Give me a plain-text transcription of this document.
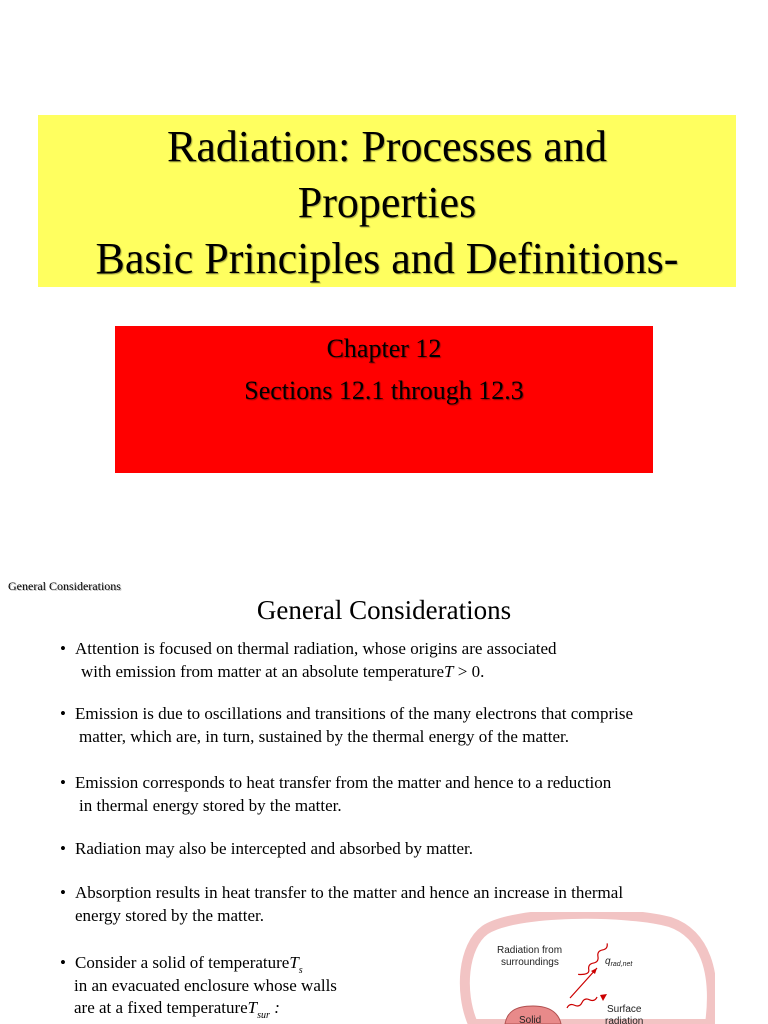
Radiation: Processes and
Properties
Basic Principles and Definitions-
Chapter 12
Sections 12.1 through 12.3
General Considerations
General Considerations
• Attention is focused on thermal radiation, whose origins are associated
with emission from matter at an absolute temperatureT > 0.
• Emission is due to oscillations and transitions of the many electrons that comprise
matter, which are, in turn, sustained by the thermal energy of the matter.
• Emission corresponds to heat transfer from the matter and hence to a reduction
in thermal energy stored by the matter.
• Radiation may also be intercepted and absorbed by matter.
• Absorption results in heat transfer to the matter and hence an increase in thermal
energy stored by the matter.
• Consider a solid of temperatureT$_s$
in an evacuated enclosure whose walls
are at a fixed temperatureT$_{sur}$ :
Radiation from
surroundings	$q_{rad,net}$
Surface
radiation
Solid
